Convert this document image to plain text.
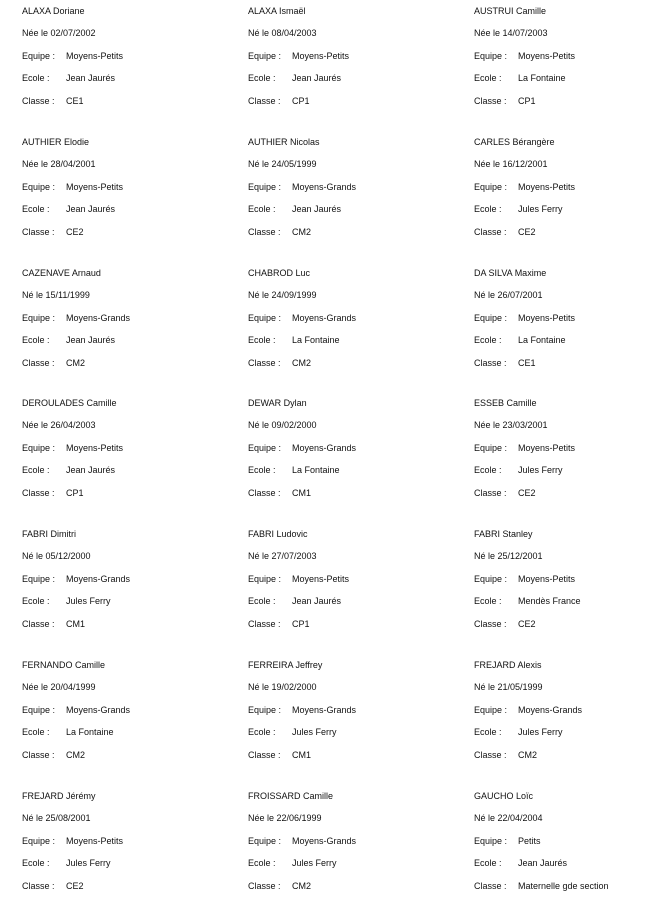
ALAXA Doriane
Née le 02/07/2002
Equipe : Moyens-Petits
Ecole : Jean Jaurés
Classe : CE1
ALAXA Ismaël
Né le 08/04/2003
Equipe : Moyens-Petits
Ecole : Jean Jaurés
Classe : CP1
AUSTRUI Camille
Née le 14/07/2003
Equipe : Moyens-Petits
Ecole : La Fontaine
Classe : CP1
AUTHIER Elodie
Née le 28/04/2001
Equipe : Moyens-Petits
Ecole : Jean Jaurés
Classe : CE2
AUTHIER Nicolas
Né le 24/05/1999
Equipe : Moyens-Grands
Ecole : Jean Jaurés
Classe : CM2
CARLES Bérangère
Née le 16/12/2001
Equipe : Moyens-Petits
Ecole : Jules Ferry
Classe : CE2
CAZENAVE Arnaud
Né le 15/11/1999
Equipe : Moyens-Grands
Ecole : Jean Jaurés
Classe : CM2
CHABROD Luc
Né le 24/09/1999
Equipe : Moyens-Grands
Ecole : La Fontaine
Classe : CM2
DA SILVA Maxime
Né le 26/07/2001
Equipe : Moyens-Petits
Ecole : La Fontaine
Classe : CE1
DEROULADES Camille
Née le 26/04/2003
Equipe : Moyens-Petits
Ecole : Jean Jaurés
Classe : CP1
DEWAR Dylan
Né le 09/02/2000
Equipe : Moyens-Grands
Ecole : La Fontaine
Classe : CM1
ESSEB Camille
Née le 23/03/2001
Equipe : Moyens-Petits
Ecole : Jules Ferry
Classe : CE2
FABRI Dimitri
Né le 05/12/2000
Equipe : Moyens-Grands
Ecole : Jules Ferry
Classe : CM1
FABRI Ludovic
Né le 27/07/2003
Equipe : Moyens-Petits
Ecole : Jean Jaurés
Classe : CP1
FABRI Stanley
Né le 25/12/2001
Equipe : Moyens-Petits
Ecole : Mendès France
Classe : CE2
FERNANDO Camille
Née le 20/04/1999
Equipe : Moyens-Grands
Ecole : La Fontaine
Classe : CM2
FERREIRA Jeffrey
Né le 19/02/2000
Equipe : Moyens-Grands
Ecole : Jules Ferry
Classe : CM1
FREJARD Alexis
Né le 21/05/1999
Equipe : Moyens-Grands
Ecole : Jules Ferry
Classe : CM2
FREJARD Jérémy
Né le 25/08/2001
Equipe : Moyens-Petits
Ecole : Jules Ferry
Classe : CE2
FROISSARD Camille
Née le 22/06/1999
Equipe : Moyens-Grands
Ecole : Jules Ferry
Classe : CM2
GAUCHO Loïc
Né le 22/04/2004
Equipe : Petits
Ecole : Jean Jaurés
Classe : Maternelle gde section
